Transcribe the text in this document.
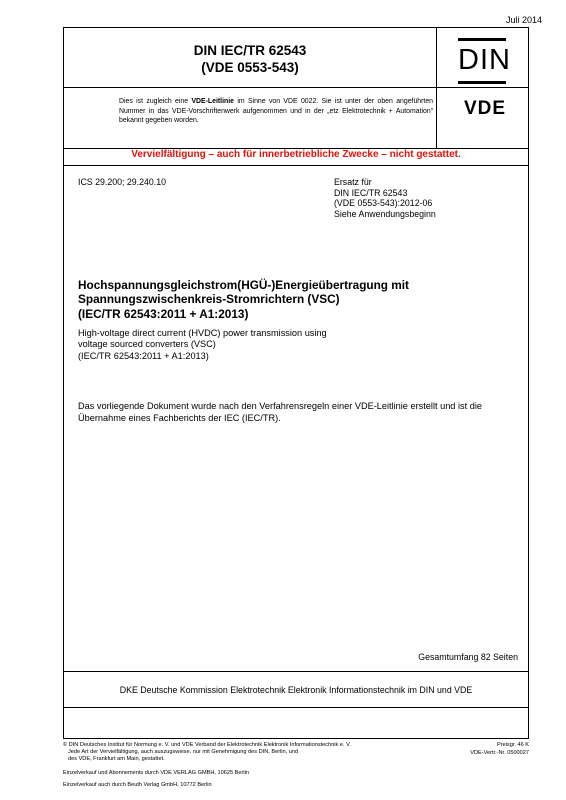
Juli 2014
DIN IEC/TR 62543
(VDE 0553-543)	DIN
Dies ist zugleich eine VDE-Leitlinie im Sinne von VDE 0022. Sie ist unter der oben angeführten Nummer in das VDE-Vorschriftenwerk aufgenommen und in der „etz Elektrotechnik + Automation“ bekannt gegeben worden.
VDE
Vervielfältigung – auch für innerbetriebliche Zwecke – nicht gestattet.
ICS 29.200; 29.240.10	Ersatz für
DIN IEC/TR 62543
(VDE 0553-543):2012-06
Siehe Anwendungsbeginn
Hochspannungsgleichstrom(HGÜ-)Energieübertragung mit
Spannungszwischenkreis-Stromrichtern (VSC)
(IEC/TR 62543:2011 + A1:2013)
High-voltage direct current (HVDC) power transmission using
voltage sourced converters (VSC)
(IEC/TR 62543:2011 + A1:2013)
Das vorliegende Dokument wurde nach den Verfahrensregeln einer VDE-Leitlinie erstellt und ist die Übernahme eines Fachberichts der IEC (IEC/TR).
Gesamtumfang 82 Seiten
DKE Deutsche Kommission Elektrotechnik Elektronik Informationstechnik im DIN und VDE
© DIN Deutsches Institut für Normung e. V. und VDE Verband der Elektrotechnik Elektronik Informationstechnik e. V.
Jede Art der Vervielfältigung, auch auszugsweise, nur mit Genehmigung des DIN, Berlin, und
des VDE, Frankfurt am Main, gestattet.
Einzelverkauf und Abonnements durch VDE VERLAG GMBH, 10625 Berlin
Einzelverkauf auch durch Beuth Verlag GmbH, 10772 Berlin
Preisgr. 46 K
VDE-Vertr.-Nr. 0500027
